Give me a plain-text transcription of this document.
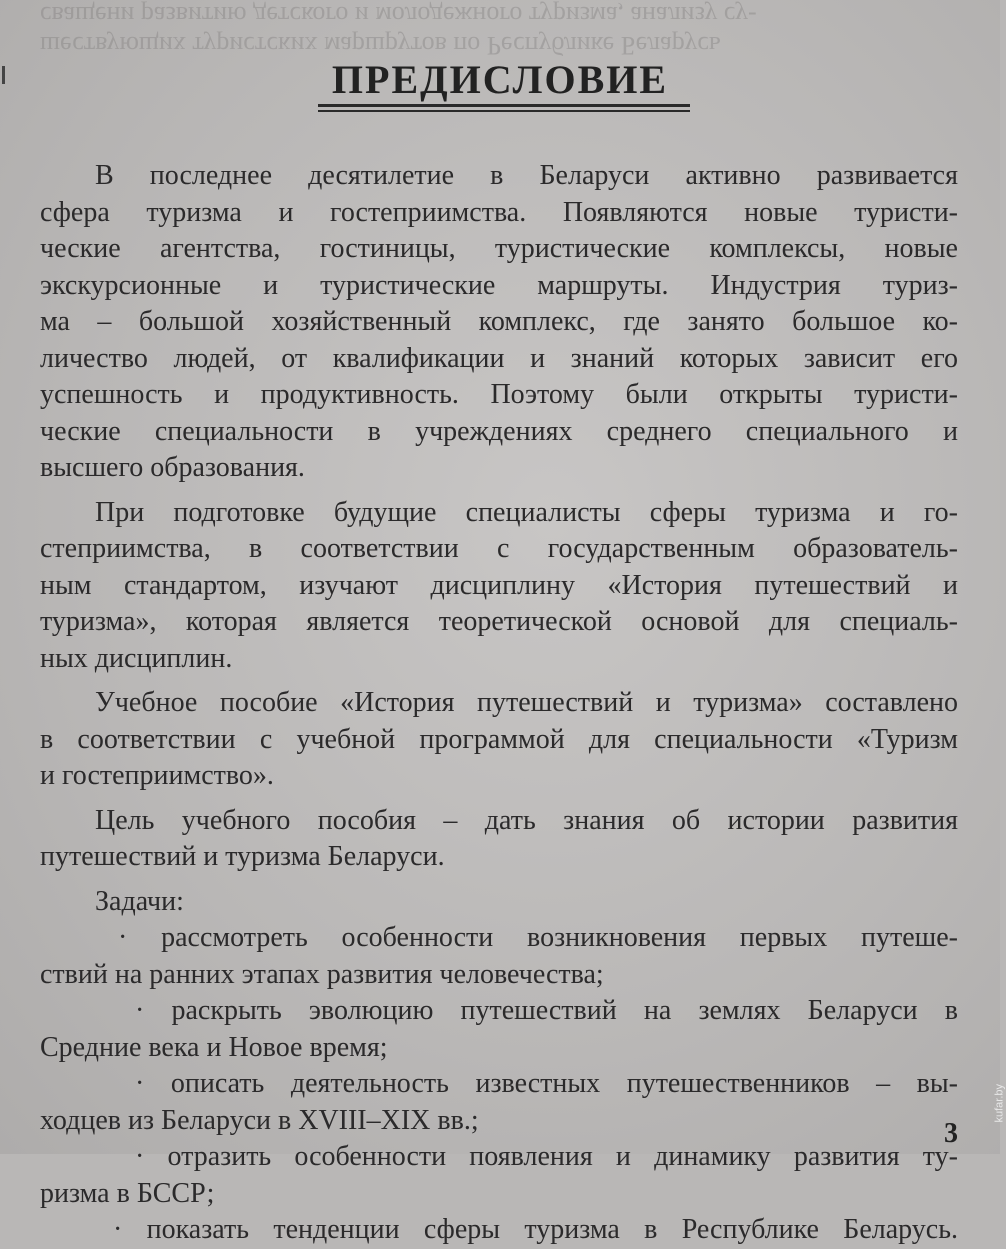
сващени развитию детского и молодежного туризма, анализу су-
шествующих туристских маршрутов по Республике Беларусь
ПРЕДИСЛОВИЕ
В последнее десятилетие в Беларуси активно развивается
сфера туризма и гостеприимства. Появляются новые туристи-
ческие агентства, гостиницы, туристические комплексы, новые
экскурсионные и туристические маршруты. Индустрия туриз-
ма – большой хозяйственный комплекс, где занято большое ко-
личество людей, от квалификации и знаний которых зависит его
успешность и продуктивность. Поэтому были открыты туристи-
ческие специальности в учреждениях среднего специального и
высшего образования.
При подготовке будущие специалисты сферы туризма и го-
степриимства, в соответствии с государственным образователь-
ным стандартом, изучают дисциплину «История путешествий и
туризма», которая является теоретической основой для специаль-
ных дисциплин.
Учебное пособие «История путешествий и туризма» составлено
в соответствии с учебной программой для специальности «Туризм
и гостеприимство».
Цель учебного пособия – дать знания об истории развития
путешествий и туризма Беларуси.
Задачи:
· рассмотреть особенности возникновения первых путеше-
ствий на ранних этапах развития человечества;
· раскрыть эволюцию путешествий на землях Беларуси в
Средние века и Новое время;
· описать деятельность известных путешественников – вы-
ходцев из Беларуси в XVIII–XIX вв.;
· отразить особенности появления и динамику развития ту-
ризма в БССР;
· показать тенденции сферы туризма в Республике Беларусь.
3
kufar.by
